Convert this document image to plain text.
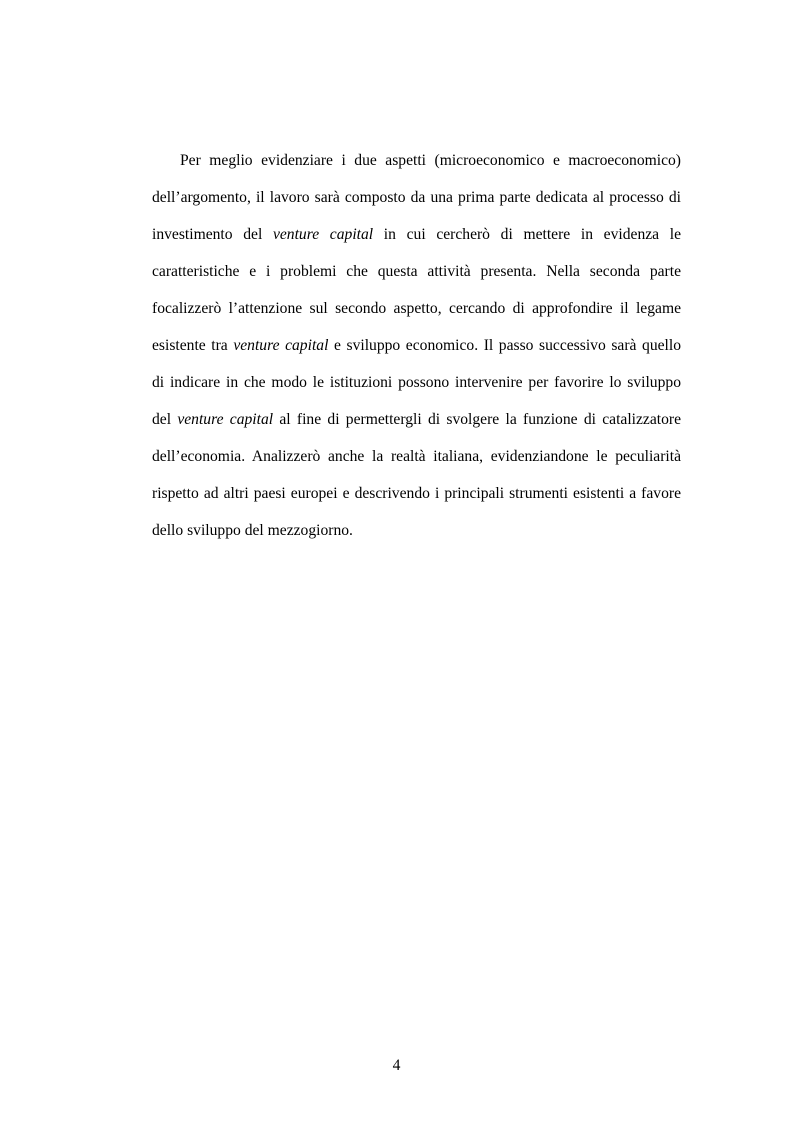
Per meglio evidenziare i due aspetti (microeconomico e macroeconomico)
dell’argomento, il lavoro sarà composto da una prima parte dedicata al processo di
investimento del venture capital in cui cercherò di mettere in evidenza le
caratteristiche e i problemi che questa attività presenta. Nella seconda parte
focalizzerò l’attenzione sul secondo aspetto, cercando di approfondire il legame
esistente tra venture capital e sviluppo economico. Il passo successivo sarà quello
di indicare in che modo le istituzioni possono intervenire per favorire lo sviluppo
del venture capital al fine di permettergli di svolgere la funzione di catalizzatore
dell’economia. Analizzerò anche la realtà italiana, evidenziandone le peculiarità
rispetto ad altri paesi europei e descrivendo i principali strumenti esistenti a favore
dello sviluppo del mezzogiorno.
4
